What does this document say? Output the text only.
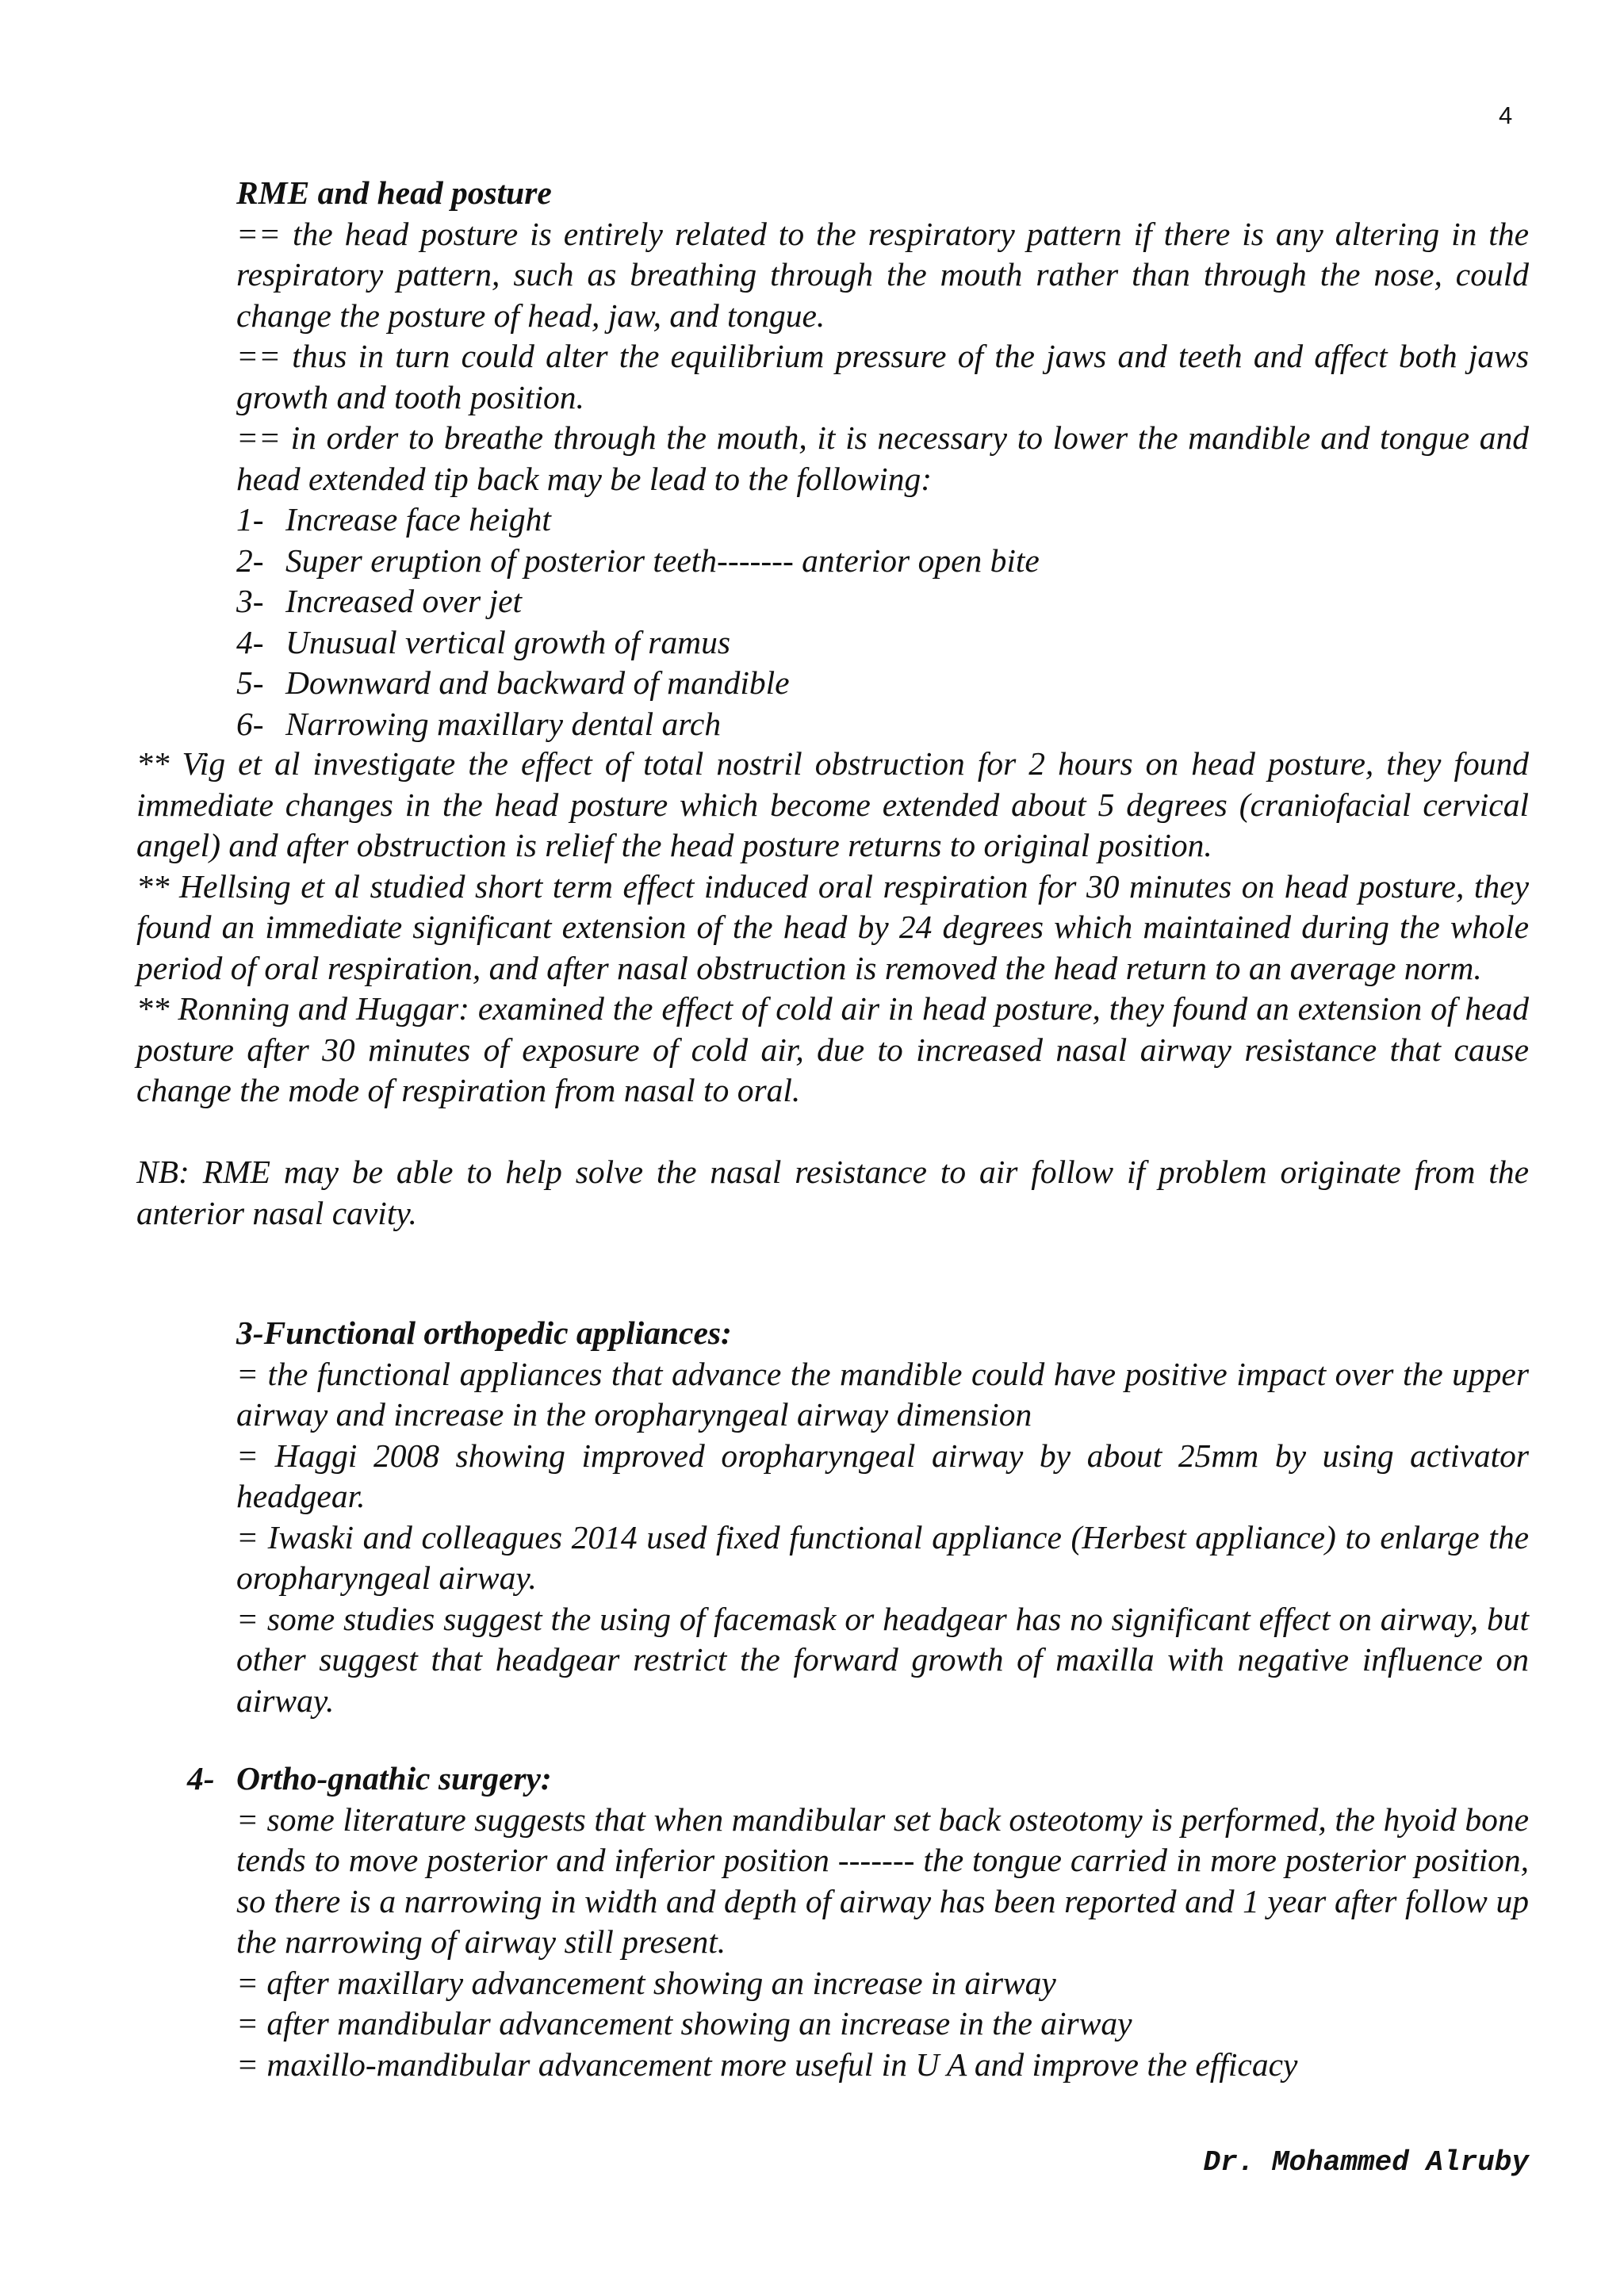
4

RME and head posture

== the head posture is entirely related to the respiratory pattern if there is any altering in the respiratory pattern, such as breathing through the mouth rather than through the nose, could change the posture of head, jaw, and tongue.

== thus in turn could alter the equilibrium pressure of the jaws and teeth and affect both jaws growth and tooth position.

== in order to breathe through the mouth, it is necessary to lower the mandible and tongue and head extended tip back may be lead to the following:

1- Increase face height
2- Super eruption of posterior teeth------- anterior open bite
3- Increased over jet
4- Unusual vertical growth of ramus
5- Downward and backward of mandible
6- Narrowing maxillary dental arch

** Vig et al investigate the effect of total nostril obstruction for 2 hours on head posture, they found immediate changes in the head posture which become extended about 5 degrees (craniofacial cervical angel) and after obstruction is relief the head posture returns to original position.

** Hellsing et al studied short term effect induced oral respiration for 30 minutes on head posture, they found an immediate significant extension of the head by 24 degrees which maintained during the whole period of oral respiration, and after nasal obstruction is removed the head return to an average norm.

** Ronning and Huggar: examined the effect of cold air in head posture, they found an extension of head posture after 30 minutes of exposure of cold air, due to increased nasal airway resistance that cause change the mode of respiration from nasal to oral.

NB: RME may be able to help solve the nasal resistance to air follow if problem originate from the anterior nasal cavity.

3-Functional orthopedic appliances:

= the functional appliances that advance the mandible could have positive impact over the upper airway and increase in the oropharyngeal airway dimension

= Haggi 2008 showing improved oropharyngeal airway by about 25mm by using activator headgear.

= Iwaski and colleagues 2014 used fixed functional appliance (Herbest appliance) to enlarge the oropharyngeal airway.

= some studies suggest the using of facemask or headgear has no significant effect on airway, but other suggest that headgear restrict the forward growth of maxilla with negative influence on airway.

4- Ortho-gnathic surgery:

= some literature suggests that when mandibular set back osteotomy is performed, the hyoid bone tends to move posterior and inferior position ------- the tongue carried in more posterior position, so there is a narrowing in width and depth of airway has been reported and 1 year after follow up the narrowing of airway still present.

= after maxillary advancement showing an increase in airway

= after mandibular advancement showing an increase in the airway

= maxillo-mandibular advancement more useful in U A and improve the efficacy

Dr. Mohammed Alruby
